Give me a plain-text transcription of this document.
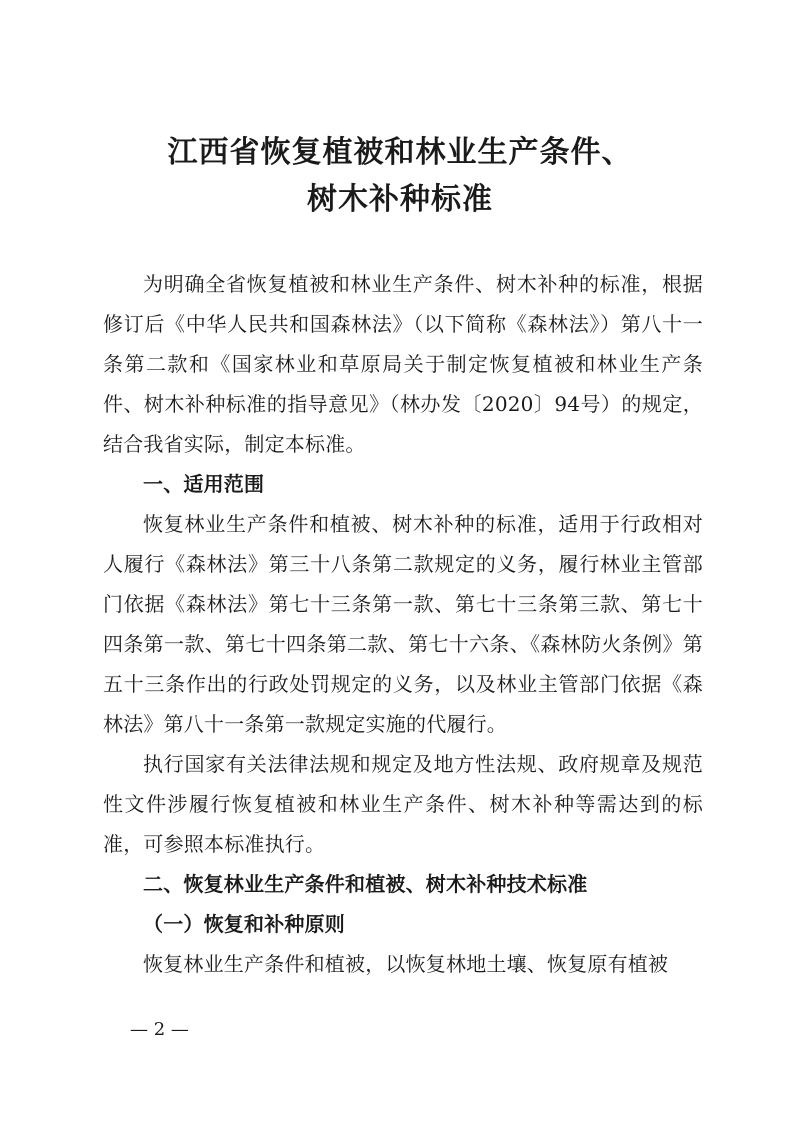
江西省恢复植被和林业生产条件、
树木补种标准

为明确全省恢复植被和林业生产条件、树木补种的标准，根据修订后《中华人民共和国森林法》（以下简称《森林法》）第八十一条第二款和《国家林业和草原局关于制定恢复植被和林业生产条件、树木补种标准的指导意见》（林办发〔2020〕94号）的规定，结合我省实际，制定本标准。

一、适用范围

恢复林业生产条件和植被、树木补种的标准，适用于行政相对人履行《森林法》第三十八条第二款规定的义务，履行林业主管部门依据《森林法》第七十三条第一款、第七十三条第三款、第七十四条第一款、第七十四条第二款、第七十六条、《森林防火条例》第五十三条作出的行政处罚规定的义务，以及林业主管部门依据《森林法》第八十一条第一款规定实施的代履行。

执行国家有关法律法规和规定及地方性法规、政府规章及规范性文件涉履行恢复植被和林业生产条件、树木补种等需达到的标准，可参照本标准执行。

二、恢复林业生产条件和植被、树木补种技术标准

（一）恢复和补种原则

恢复林业生产条件和植被，以恢复林地土壤、恢复原有植被

— 2 —
